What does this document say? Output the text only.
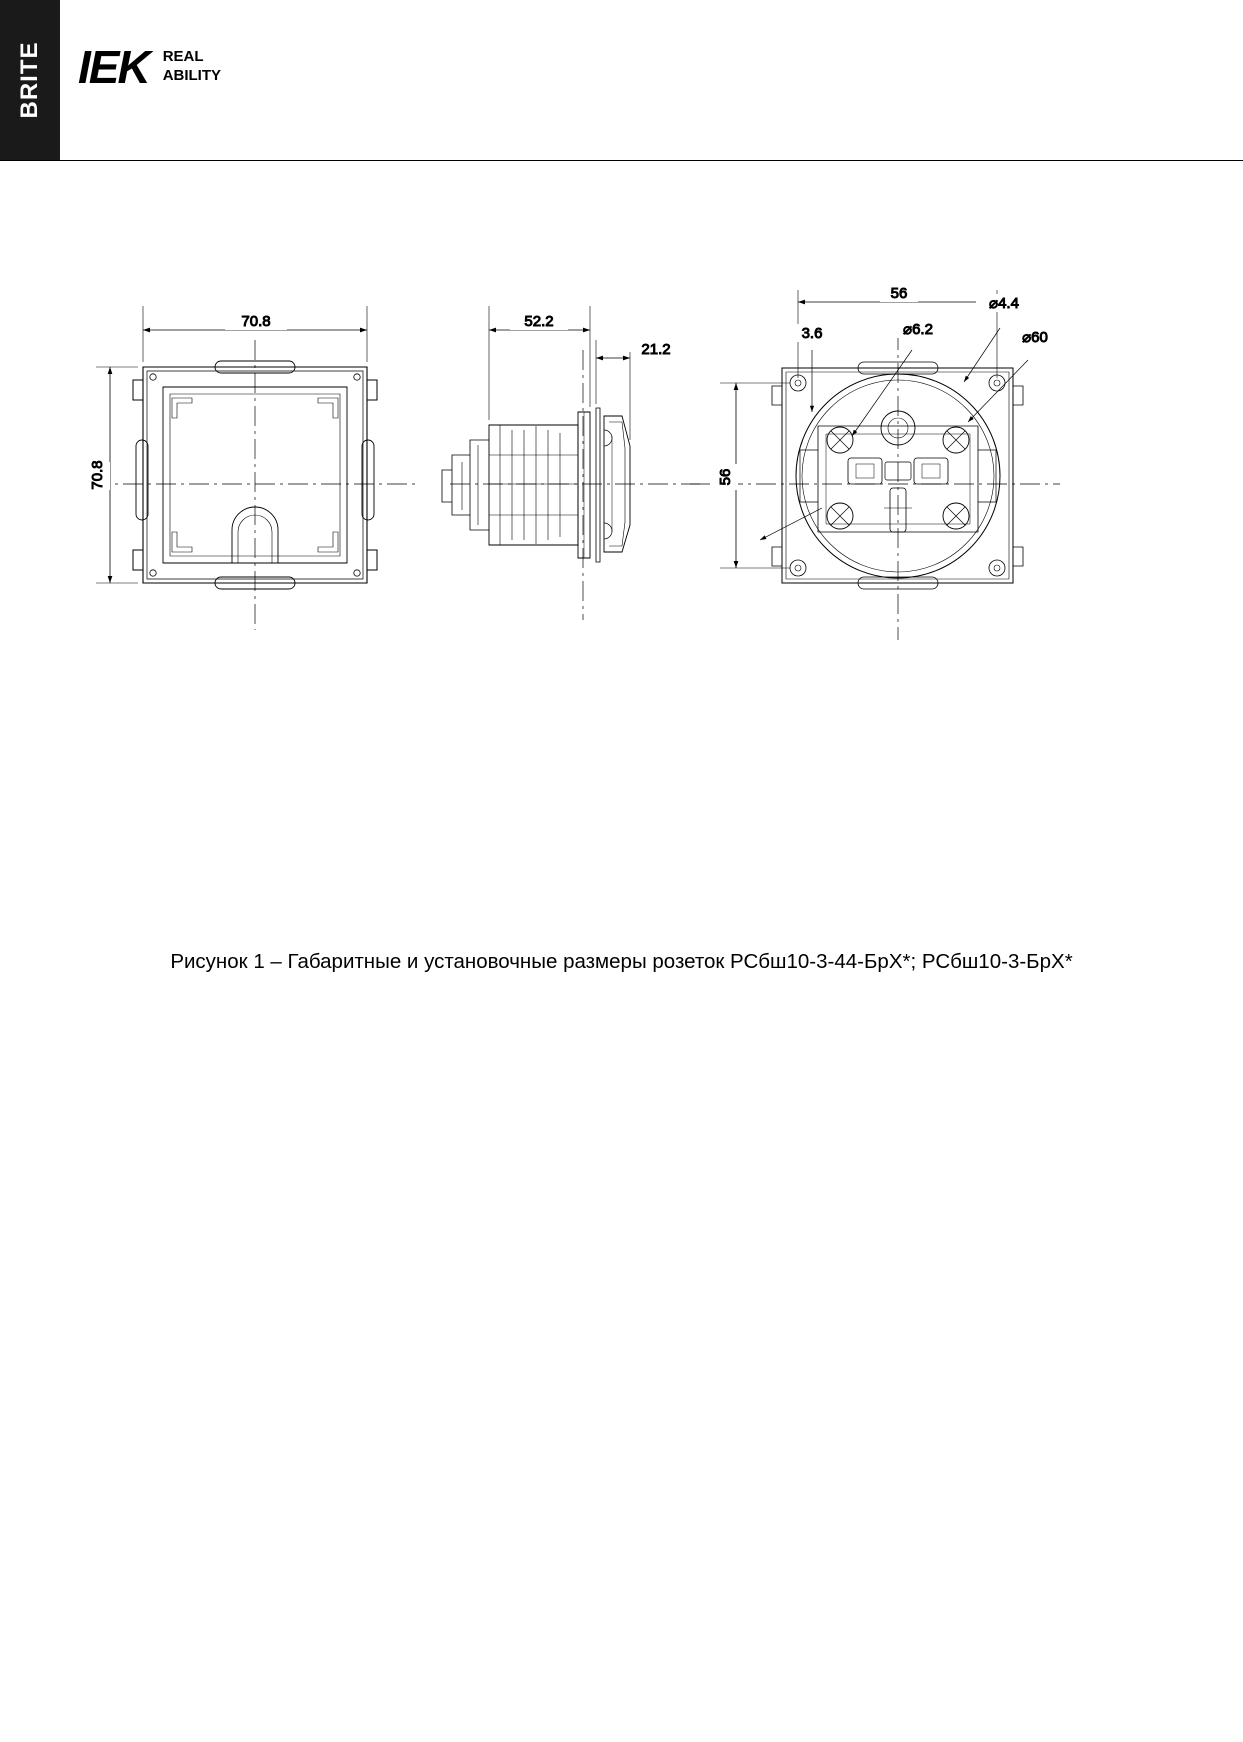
BRITE IEK REAL
ABILITY
70.8
70.8
52.2
21.2
56
56
3.6	⌀6.2
⌀4.4
⌀60
Рисунок 1 – Габаритные и установочные размеры розеток РСбш10-3-44-БрX*; РСбш10-3-БрX*
